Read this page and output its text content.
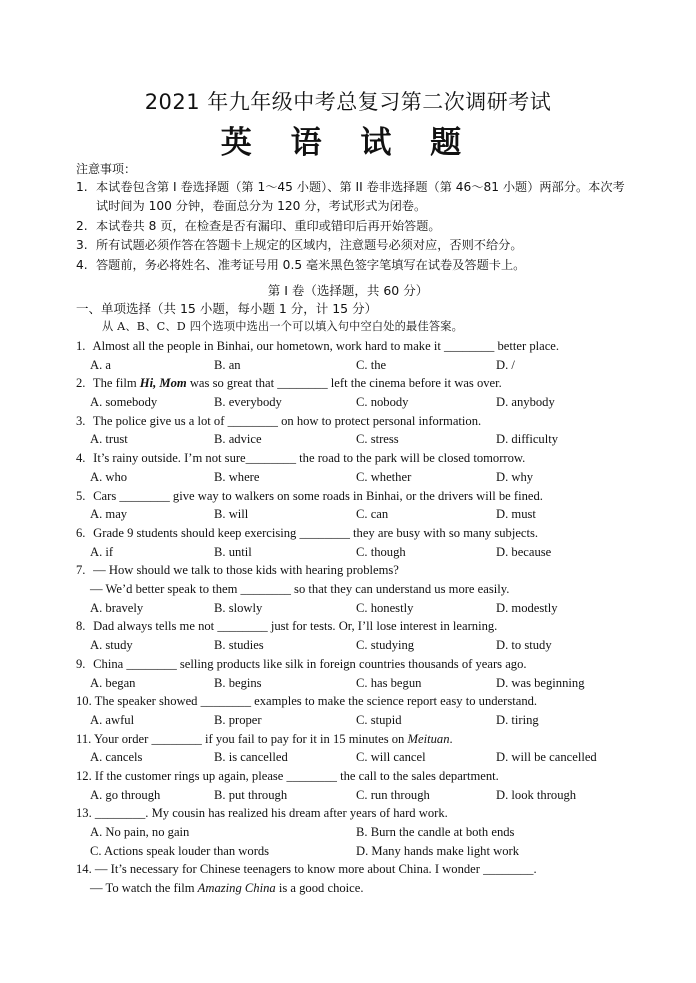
2021 年九年级中考总复习第二次调研考试
英 语 试 题
注意事项：
1. 本试卷包含第 I 卷选择题（第 1～45 小题）、第 II 卷非选择题（第 46～81 小题）两部分。本次考试时间为 100 分钟，卷面总分为 120 分，考试形式为闭卷。
2. 本试卷共 8 页，在检查是否有漏印、重印或错印后再开始答题。
3. 所有试题必须作答在答题卡上规定的区域内，注意题号必须对应，否则不给分。
4. 答题前，务必将姓名、准考证号用 0.5 毫米黑色签字笔填写在试卷及答题卡上。
第 I 卷（选择题，共 60 分）
一、单项选择（共 15 小题，每小题 1 分，计 15 分）
从 A、B、C、D 四个选项中选出一个可以填入句中空白处的最佳答案。
1. Almost all the people in Binhai, our hometown, work hard to make it ________ better place.
A. a	B. an	C. the	D. /
2. The film Hi, Mom was so great that ________ left the cinema before it was over.
A. somebody	B. everybody	C. nobody	D. anybody
3. The police give us a lot of ________ on how to protect personal information.
A. trust	B. advice	C. stress	D. difficulty
4. It’s rainy outside. I’m not sure________ the road to the park will be closed tomorrow.
A. who	B. where	C. whether	D. why
5. Cars ________ give way to walkers on some roads in Binhai, or the drivers will be fined.
A. may	B. will	C. can	D. must
6. Grade 9 students should keep exercising ________ they are busy with so many subjects.
A. if	B. until	C. though	D. because
7. — How should we talk to those kids with hearing problems?
— We’d better speak to them ________ so that they can understand us more easily.
A. bravely	B. slowly	C. honestly	D. modestly
8. Dad always tells me not ________ just for tests. Or, I’ll lose interest in learning.
A. study	B. studies	C. studying	D. to study
9. China ________ selling products like silk in foreign countries thousands of years ago.
A. began	B. begins	C. has begun	D. was beginning
10. The speaker showed ________ examples to make the science report easy to understand.
A. awful	B. proper	C. stupid	D. tiring
11. Your order ________ if you fail to pay for it in 15 minutes on Meituan.
A. cancels	B. is cancelled	C. will cancel	D. will be cancelled
12. If the customer rings up again, please ________ the call to the sales department.
A. go through	B. put through	C. run through	D. look through
13. ________. My cousin has realized his dream after years of hard work.
A. No pain, no gain	B. Burn the candle at both ends
C. Actions speak louder than words	D. Many hands make light work
14. — It’s necessary for Chinese teenagers to know more about China. I wonder ________.
— To watch the film Amazing China is a good choice.
